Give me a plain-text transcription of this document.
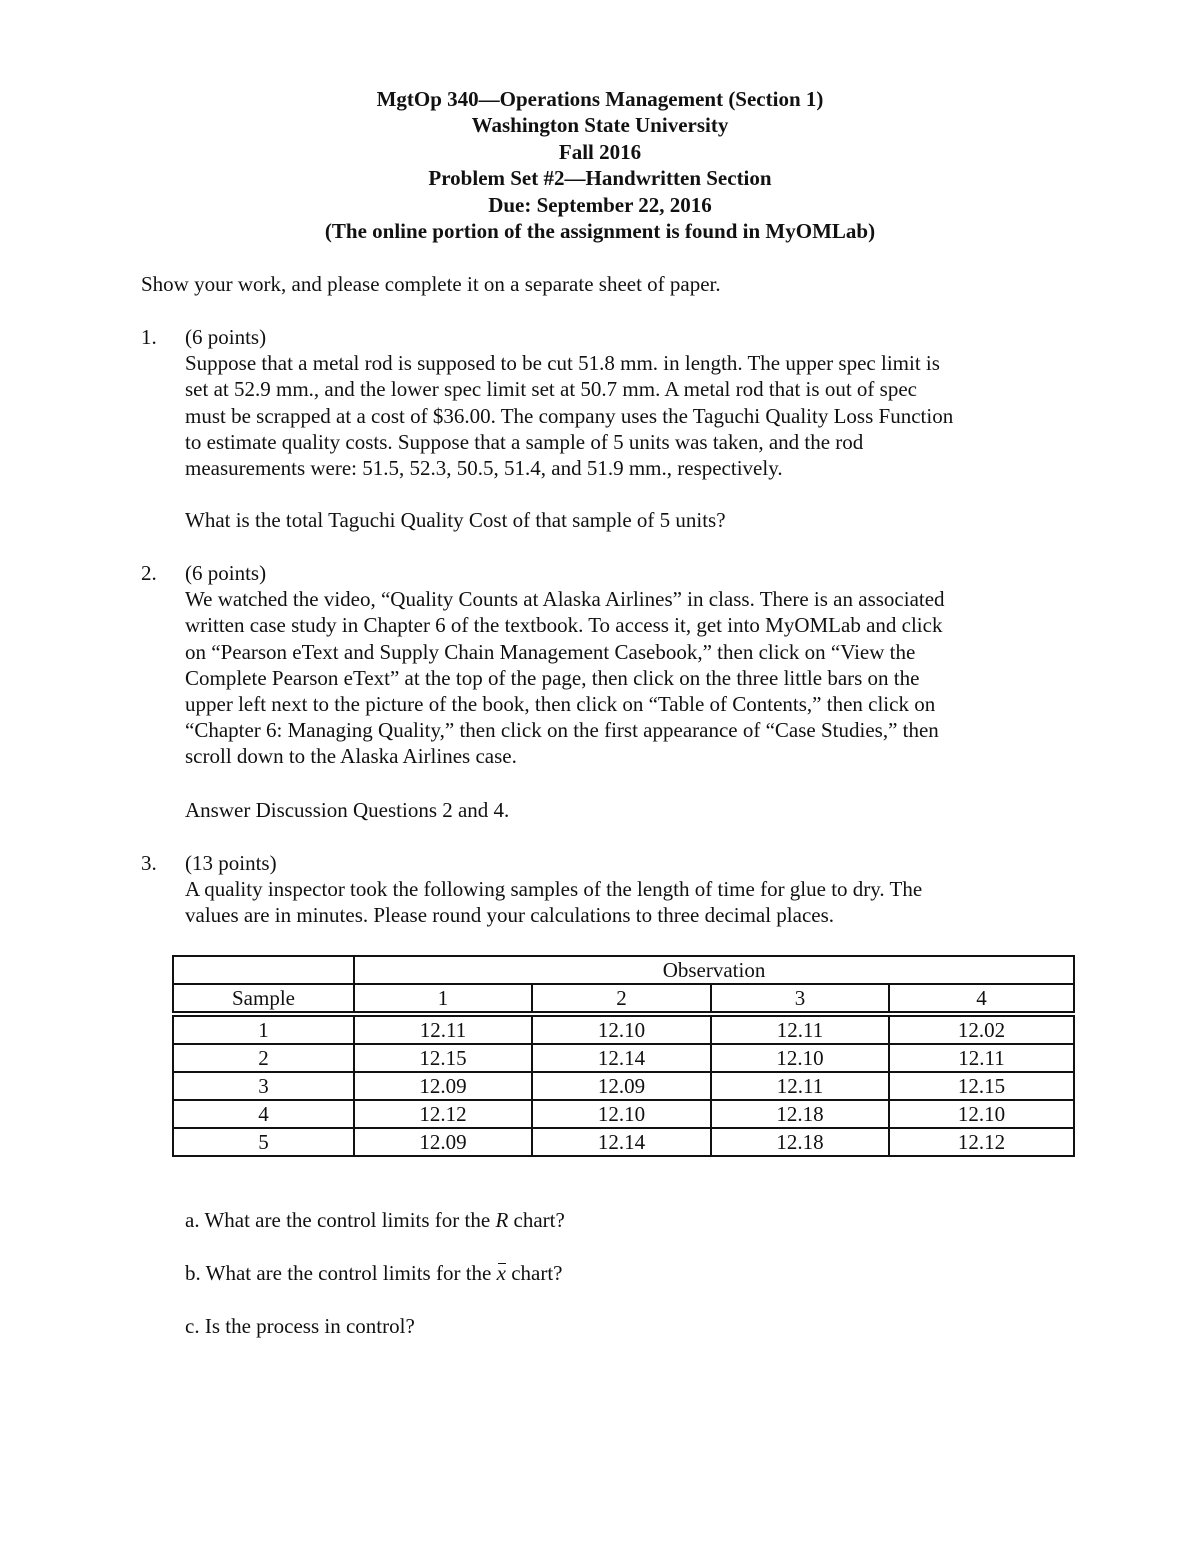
MgtOp 340—Operations Management (Section 1)
Washington State University
Fall 2016
Problem Set #2—Handwritten Section
Due: September 22, 2016
(The online portion of the assignment is found in MyOMLab)
Show your work, and please complete it on a separate sheet of paper.
1. (6 points)
Suppose that a metal rod is supposed to be cut 51.8 mm. in length. The upper spec limit is
set at 52.9 mm., and the lower spec limit set at 50.7 mm. A metal rod that is out of spec
must be scrapped at a cost of $36.00. The company uses the Taguchi Quality Loss Function
to estimate quality costs. Suppose that a sample of 5 units was taken, and the rod
measurements were: 51.5, 52.3, 50.5, 51.4, and 51.9 mm., respectively.
What is the total Taguchi Quality Cost of that sample of 5 units?
2. (6 points)
We watched the video, “Quality Counts at Alaska Airlines” in class. There is an associated
written case study in Chapter 6 of the textbook. To access it, get into MyOMLab and click
on “Pearson eText and Supply Chain Management Casebook,” then click on “View the
Complete Pearson eText” at the top of the page, then click on the three little bars on the
upper left next to the picture of the book, then click on “Table of Contents,” then click on
“Chapter 6: Managing Quality,” then click on the first appearance of “Case Studies,” then
scroll down to the Alaska Airlines case.
Answer Discussion Questions 2 and 4.
3. (13 points)
A quality inspector took the following samples of the length of time for glue to dry. The
values are in minutes. Please round your calculations to three decimal places.
	Observation			
Sample	1	2	3	4

1	12.11	12.10	12.11	12.02
2	12.15	12.14	12.10	12.11
3	12.09	12.09	12.11	12.15
4	12.12	12.10	12.18	12.10
5	12.09	12.14	12.18	12.12
a. What are the control limits for the R chart?
b. What are the control limits for the x chart?
c. Is the process in control?
